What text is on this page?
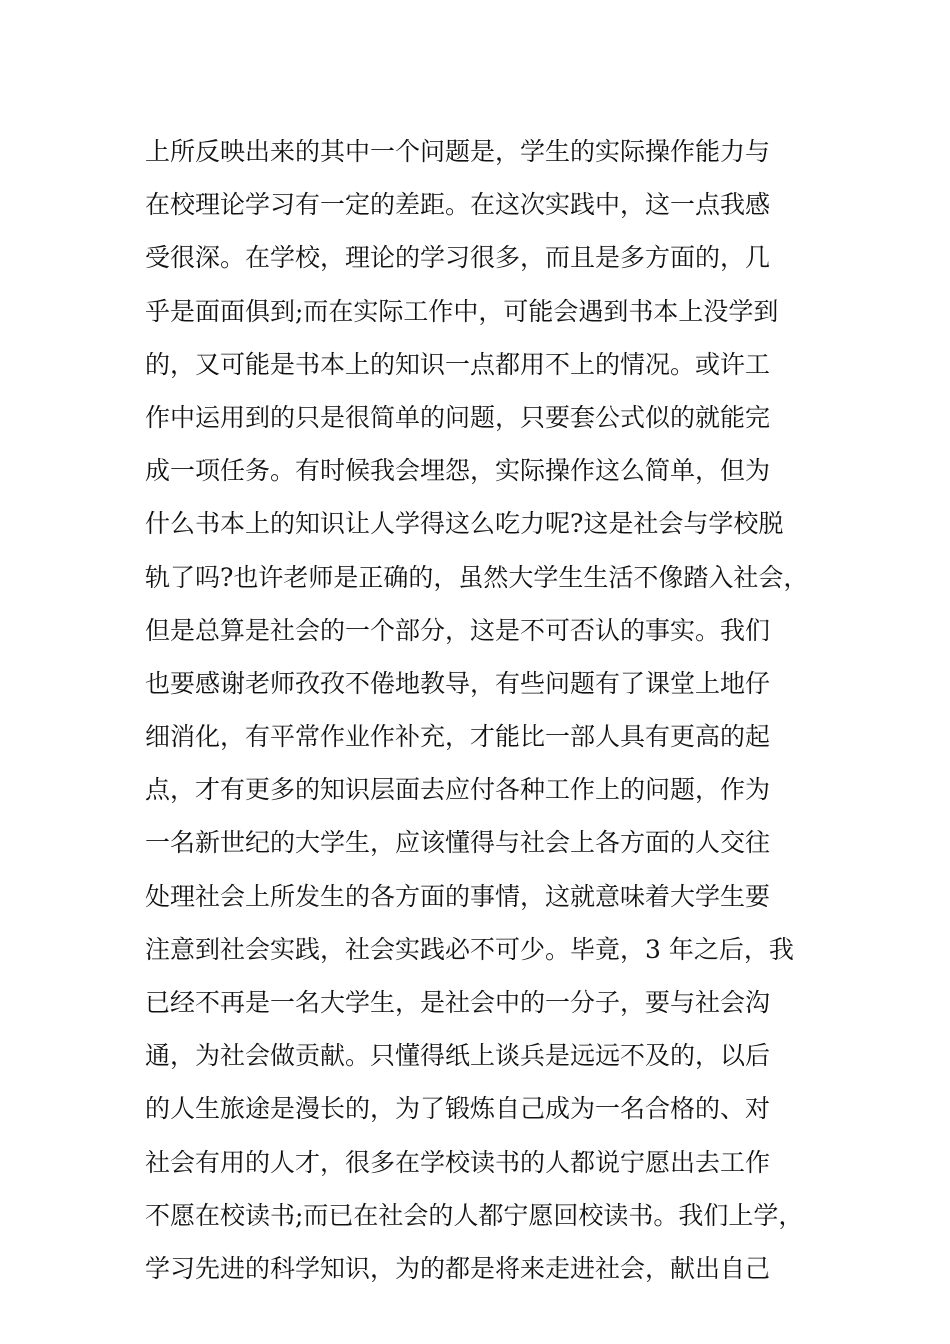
上所反映出来的其中一个问题是，学生的实际操作能力与
在校理论学习有一定的差距。在这次实践中，这一点我感
受很深。在学校，理论的学习很多，而且是多方面的，几
乎是面面俱到;而在实际工作中，可能会遇到书本上没学到
的，又可能是书本上的知识一点都用不上的情况。或许工
作中运用到的只是很简单的问题，只要套公式似的就能完
成一项任务。有时候我会埋怨，实际操作这么简单，但为
什么书本上的知识让人学得这么吃力呢?这是社会与学校脱
轨了吗?也许老师是正确的，虽然大学生生活不像踏入社会，
但是总算是社会的一个部分，这是不可否认的事实。我们
也要感谢老师孜孜不倦地教导，有些问题有了课堂上地仔
细消化，有平常作业作补充，才能比一部人具有更高的起
点，才有更多的知识层面去应付各种工作上的问题，作为
一名新世纪的大学生，应该懂得与社会上各方面的人交往
处理社会上所发生的各方面的事情，这就意味着大学生要
注意到社会实践，社会实践必不可少。毕竟，3 年之后，我
已经不再是一名大学生，是社会中的一分子，要与社会沟
通，为社会做贡献。只懂得纸上谈兵是远远不及的，以后
的人生旅途是漫长的，为了锻炼自己成为一名合格的、对
社会有用的人才，很多在学校读书的人都说宁愿出去工作
不愿在校读书;而已在社会的人都宁愿回校读书。我们上学，
学习先进的科学知识，为的都是将来走进社会，献出自己
